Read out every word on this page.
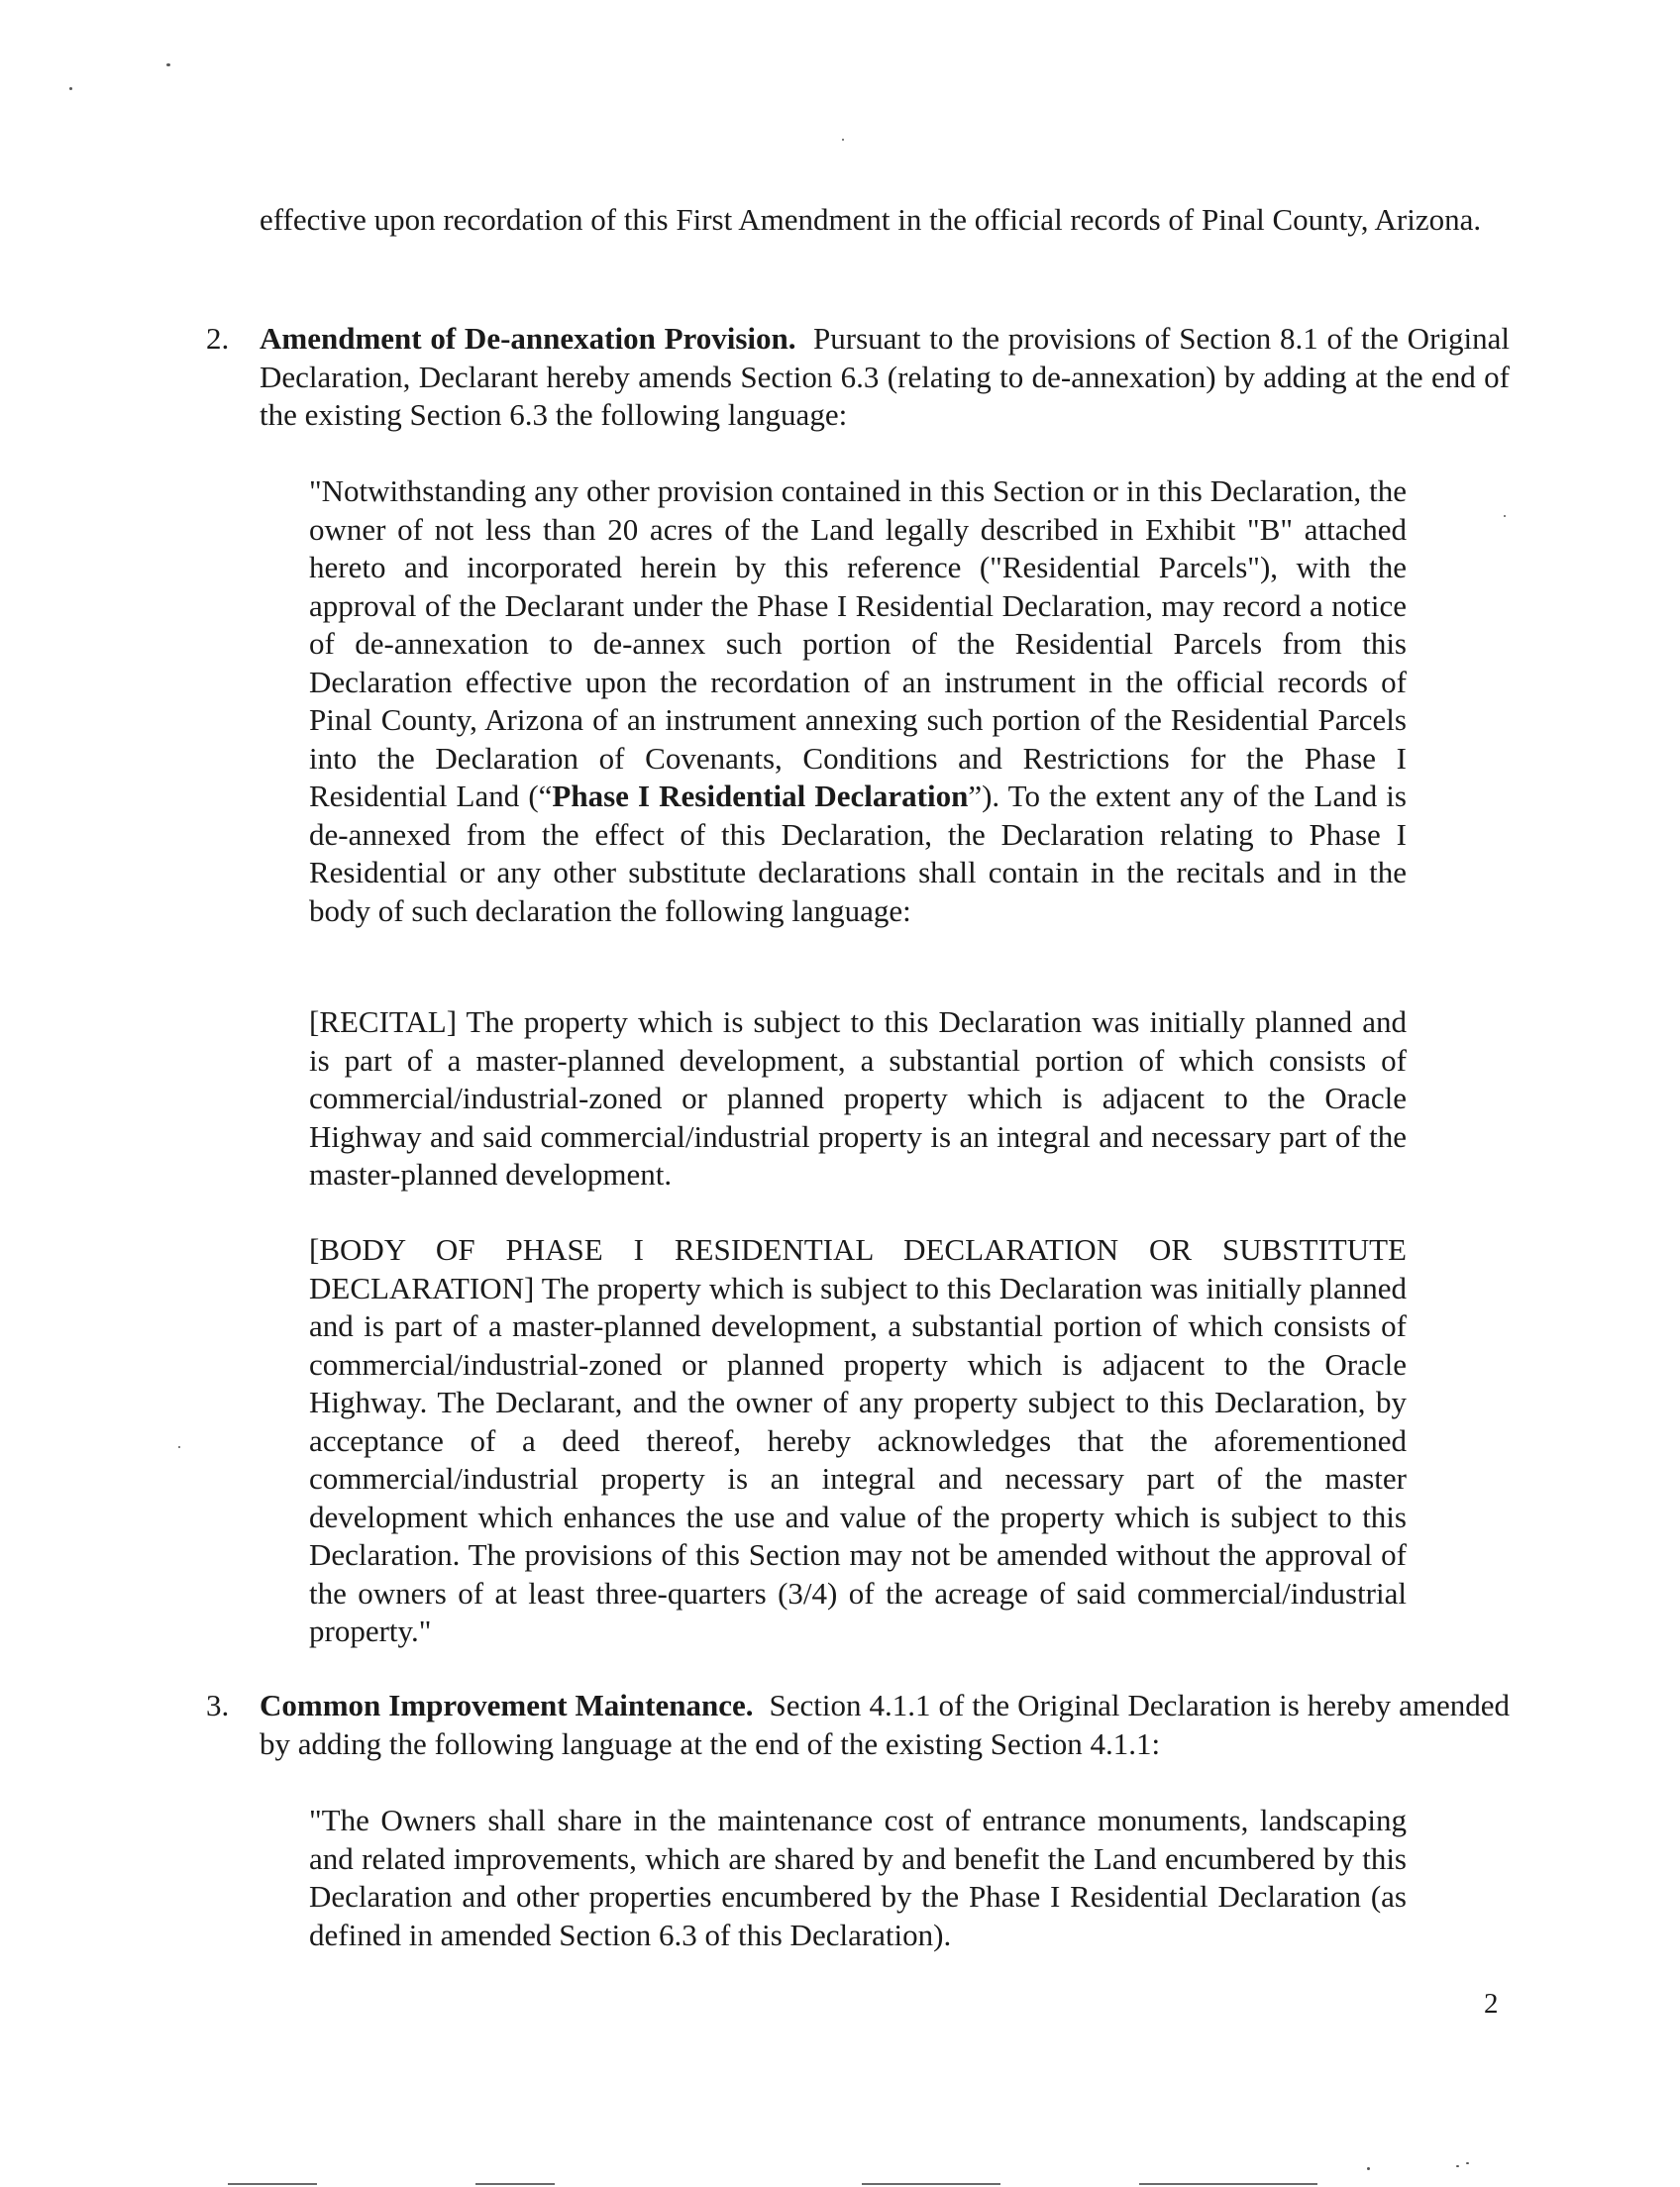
effective upon recordation of this First Amendment in the official records of Pinal County, Arizona.

2. Amendment of De-annexation Provision. Pursuant to the provisions of Section 8.1 of the Original Declaration, Declarant hereby amends Section 6.3 (relating to de-annexation) by adding at the end of the existing Section 6.3 the following language:

"Notwithstanding any other provision contained in this Section or in this Declaration, the owner of not less than 20 acres of the Land legally described in Exhibit "B" attached hereto and incorporated herein by this reference ("Residential Parcels"), with the approval of the Declarant under the Phase I Residential Declaration, may record a notice of de-annexation to de-annex such portion of the Residential Parcels from this Declaration effective upon the recordation of an instrument in the official records of Pinal County, Arizona of an instrument annexing such portion of the Residential Parcels into the Declaration of Covenants, Conditions and Restrictions for the Phase I Residential Land (“Phase I Residential Declaration”). To the extent any of the Land is de-annexed from the effect of this Declaration, the Declaration relating to Phase I Residential or any other substitute declarations shall contain in the recitals and in the body of such declaration the following language:

[RECITAL] The property which is subject to this Declaration was initially planned and is part of a master-planned development, a substantial portion of which consists of commercial/industrial-zoned or planned property which is adjacent to the Oracle Highway and said commercial/industrial property is an integral and necessary part of the master-planned development.

[BODY OF PHASE I RESIDENTIAL DECLARATION OR SUBSTITUTE DECLARATION] The property which is subject to this Declaration was initially planned and is part of a master-planned development, a substantial portion of which consists of commercial/industrial-zoned or planned property which is adjacent to the Oracle Highway. The Declarant, and the owner of any property subject to this Declaration, by acceptance of a deed thereof, hereby acknowledges that the aforementioned commercial/industrial property is an integral and necessary part of the master development which enhances the use and value of the property which is subject to this Declaration. The provisions of this Section may not be amended without the approval of the owners of at least three-quarters (3/4) of the acreage of said commercial/industrial property."

3. Common Improvement Maintenance. Section 4.1.1 of the Original Declaration is hereby amended by adding the following language at the end of the existing Section 4.1.1:

"The Owners shall share in the maintenance cost of entrance monuments, landscaping and related improvements, which are shared by and benefit the Land encumbered by this Declaration and other properties encumbered by the Phase I Residential Declaration (as defined in amended Section 6.3 of this Declaration).

2
